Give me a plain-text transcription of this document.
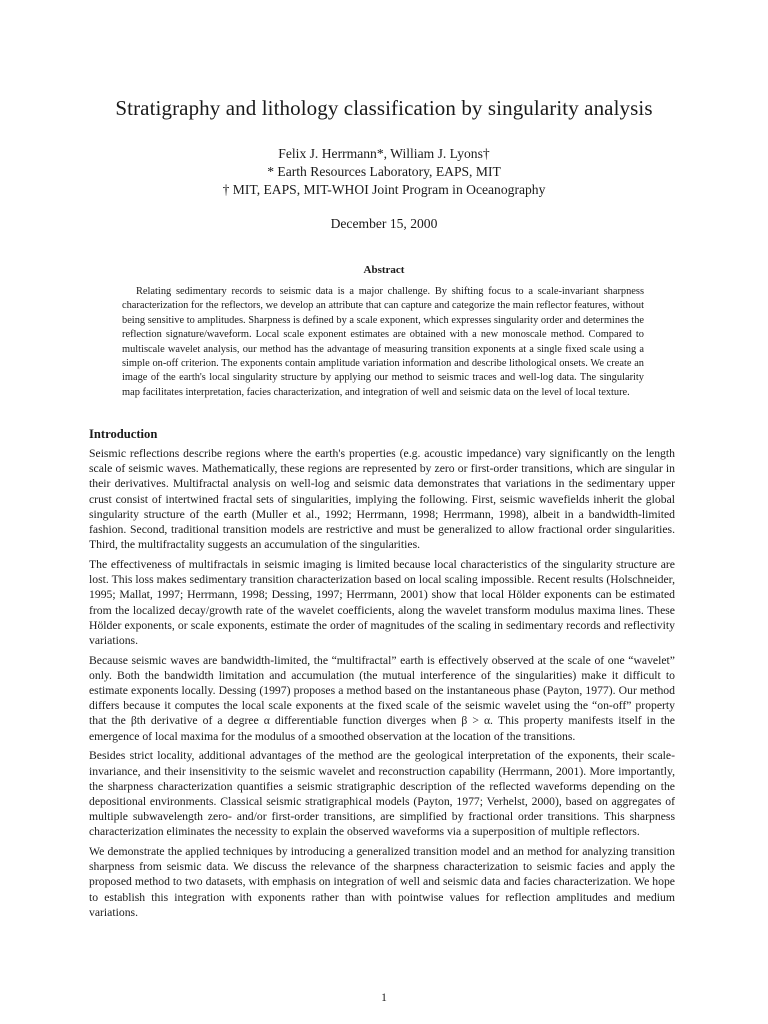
Stratigraphy and lithology classification by singularity analysis
Felix J. Herrmann*, William J. Lyons†
* Earth Resources Laboratory, EAPS, MIT
† MIT, EAPS, MIT-WHOI Joint Program in Oceanography
December 15, 2000
Abstract

Relating sedimentary records to seismic data is a major challenge. By shifting focus to a scale-invariant sharpness characterization for the reflectors, we develop an attribute that can capture and categorize the main reflector features, without being sensitive to amplitudes. Sharpness is defined by a scale exponent, which expresses singularity order and determines the reflection signature/waveform. Local scale exponent estimates are obtained with a new monoscale method. Compared to multiscale wavelet analysis, our method has the advantage of measuring transition exponents at a single fixed scale using a simple on-off criterion. The exponents contain amplitude variation information and describe lithological onsets. We create an image of the earth's local singularity structure by applying our method to seismic traces and well-log data. The singularity map facilitates interpretation, facies characterization, and integration of well and seismic data on the level of local texture.

Introduction

Seismic reflections describe regions where the earth's properties (e.g. acoustic impedance) vary significantly on the length scale of seismic waves. Mathematically, these regions are represented by zero or first-order transitions, which are singular in their derivatives. Multifractal analysis on well-log and seismic data demonstrates that variations in the sedimentary upper crust consist of intertwined fractal sets of singularities, implying the following. First, seismic wavefields inherit the global singularity structure of the earth (Muller et al., 1992; Herrmann, 1998; Herrmann, 1998), albeit in a bandwidth-limited fashion. Second, traditional transition models are restrictive and must be generalized to allow fractional order singularities. Third, the multifractality suggests an accumulation of the singularities.

The effectiveness of multifractals in seismic imaging is limited because local characteristics of the singularity structure are lost. This loss makes sedimentary transition characterization based on local scaling impossible. Recent results (Holschneider, 1995; Mallat, 1997; Herrmann, 1998; Dessing, 1997; Herrmann, 2001) show that local Hölder exponents can be estimated from the localized decay/growth rate of the wavelet coefficients, along the wavelet transform modulus maxima lines. These Hölder exponents, or scale exponents, estimate the order of magnitudes of the scaling in sedimentary records and reflectivity variations.

Because seismic waves are bandwidth-limited, the “multifractal” earth is effectively observed at the scale of one “wavelet” only. Both the bandwidth limitation and accumulation (the mutual interference of the singularities) make it difficult to estimate exponents locally. Dessing (1997) proposes a method based on the instantaneous phase (Payton, 1977). Our method differs because it computes the local scale exponents at the fixed scale of the seismic wavelet using the “on-off” property that the βth derivative of a degree α differentiable function diverges when β > α. This property manifests itself in the emergence of local maxima for the modulus of a smoothed observation at the location of the transitions.

Besides strict locality, additional advantages of the method are the geological interpretation of the exponents, their scale-invariance, and their insensitivity to the seismic wavelet and reconstruction capability (Herrmann, 2001). More importantly, the sharpness characterization quantifies a seismic stratigraphic description of the reflected waveforms depending on the depositional environments. Classical seismic stratigraphical models (Payton, 1977; Verhelst, 2000), based on aggregates of multiple subwavelength zero- and/or first-order transitions, are simplified by fractional order transitions. This sharpness characterization eliminates the necessity to explain the observed waveforms via a superposition of multiple reflectors.

We demonstrate the applied techniques by introducing a generalized transition model and an method for analyzing transition sharpness from seismic data. We discuss the relevance of the sharpness characterization to seismic facies and apply the proposed method to two datasets, with emphasis on integration of well and seismic data and facies characterization. We hope to establish this integration with exponents rather than with pointwise values for reflection amplitudes and medium variations.

1
